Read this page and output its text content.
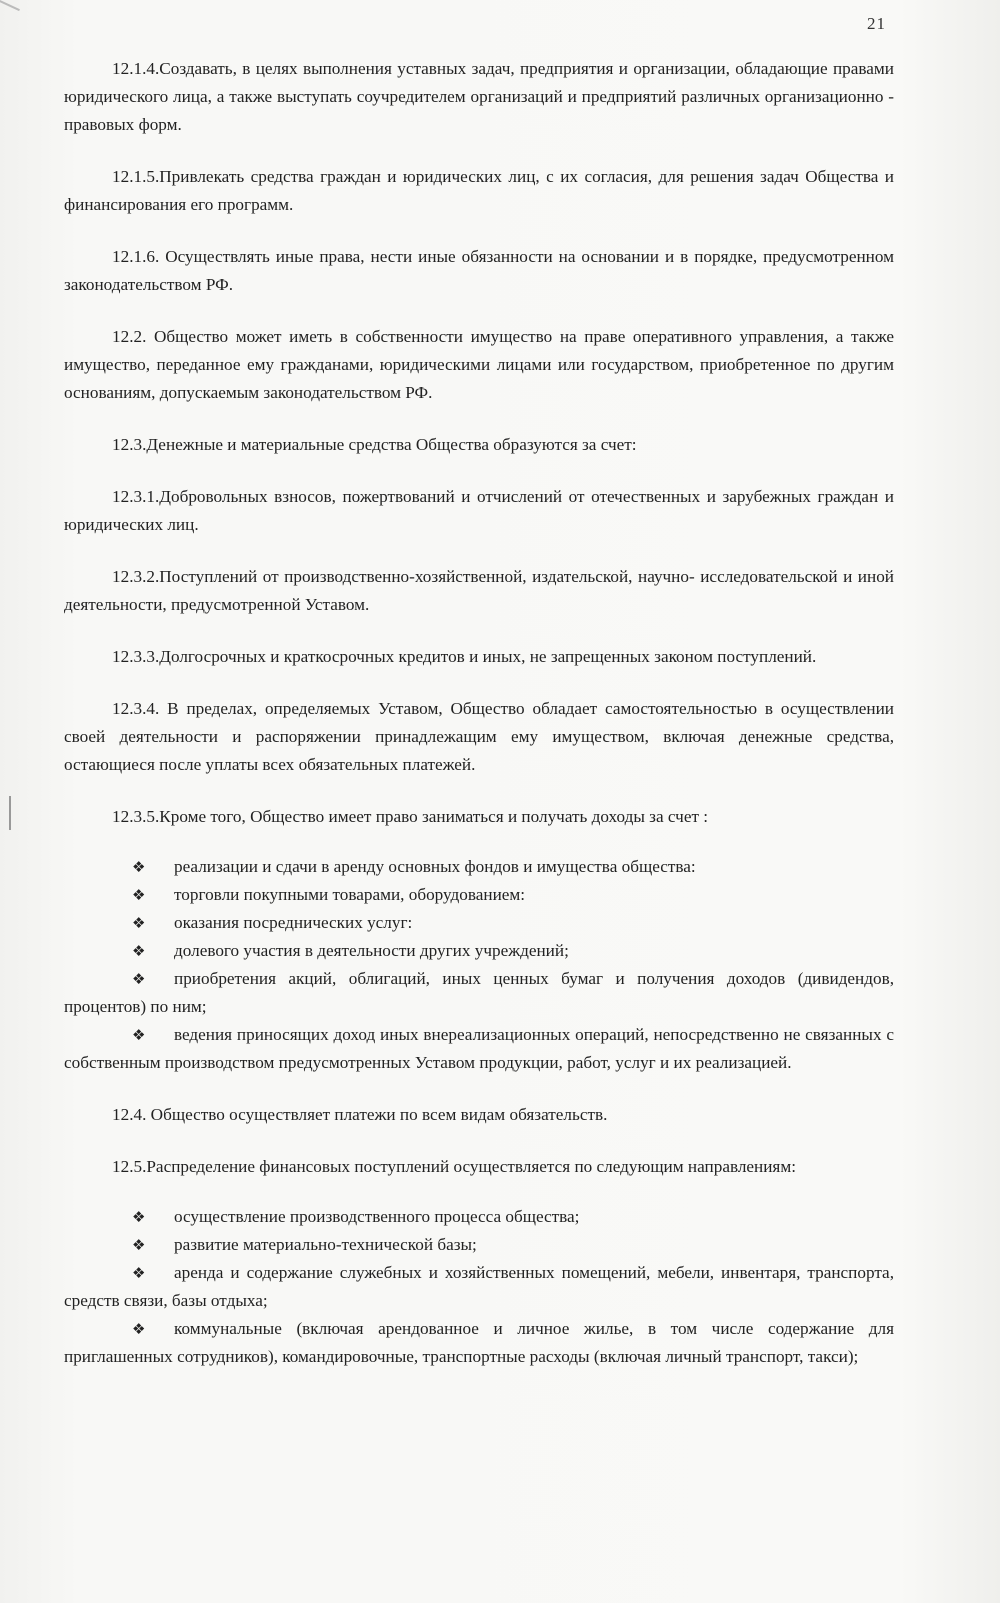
21

12.1.4.Создавать, в целях выполнения уставных задач, предприятия и организации, обладающие правами юридического лица, а также выступать соучредителем организаций и предприятий различных организационно - правовых форм.

12.1.5.Привлекать средства граждан и юридических лиц, с их согласия, для решения задач Общества и финансирования его программ.

12.1.6. Осуществлять иные права, нести иные обязанности на основании и в порядке, предусмотренном законодательством РФ.

12.2. Общество может иметь в собственности имущество на праве оперативного управления, а также имущество, переданное ему гражданами, юридическими лицами или государством, приобретенное по другим основаниям, допускаемым законодательством РФ.

12.3.Денежные и материальные средства Общества образуются за счет:

12.3.1.Добровольных взносов, пожертвований и отчислений от отечественных и зарубежных граждан и юридических лиц.

12.3.2.Поступлений от производственно-хозяйственной, издательской, научно- исследовательской и иной деятельности, предусмотренной Уставом.

12.3.3.Долгосрочных и краткосрочных кредитов и иных, не запрещенных законом поступлений.

12.3.4. В пределах, определяемых Уставом, Общество обладает самостоятельностью в осуществлении своей деятельности и распоряжении принадлежащим ему имуществом, включая денежные средства, остающиеся после уплаты всех обязательных платежей.

12.3.5.Кроме того, Общество имеет право заниматься и получать доходы за счет :

❖	реализации и сдачи в аренду основных фондов и имущества общества:
❖	торговли покупными товарами, оборудованием:
❖	оказания посреднических услуг:
❖	долевого участия в деятельности других учреждений;
❖	приобретения акций, облигаций, иных ценных бумаг и получения доходов (дивидендов, процентов) по ним;
❖	ведения приносящих доход иных внереализационных операций, непосредственно не связанных с собственным производством предусмотренных Уставом продукции, работ, услуг и их реализацией.

12.4. Общество осуществляет платежи по всем видам обязательств.

12.5.Распределение финансовых поступлений осуществляется по следующим направлениям:

❖	осуществление производственного процесса общества;
❖	развитие материально-технической базы;
❖	аренда и содержание служебных и хозяйственных помещений, мебели, инвентаря, транспорта, средств связи, базы отдыха;
❖	коммунальные (включая арендованное и личное жилье, в том числе содержание для приглашенных сотрудников), командировочные, транспортные расходы (включая личный транспорт, такси);
